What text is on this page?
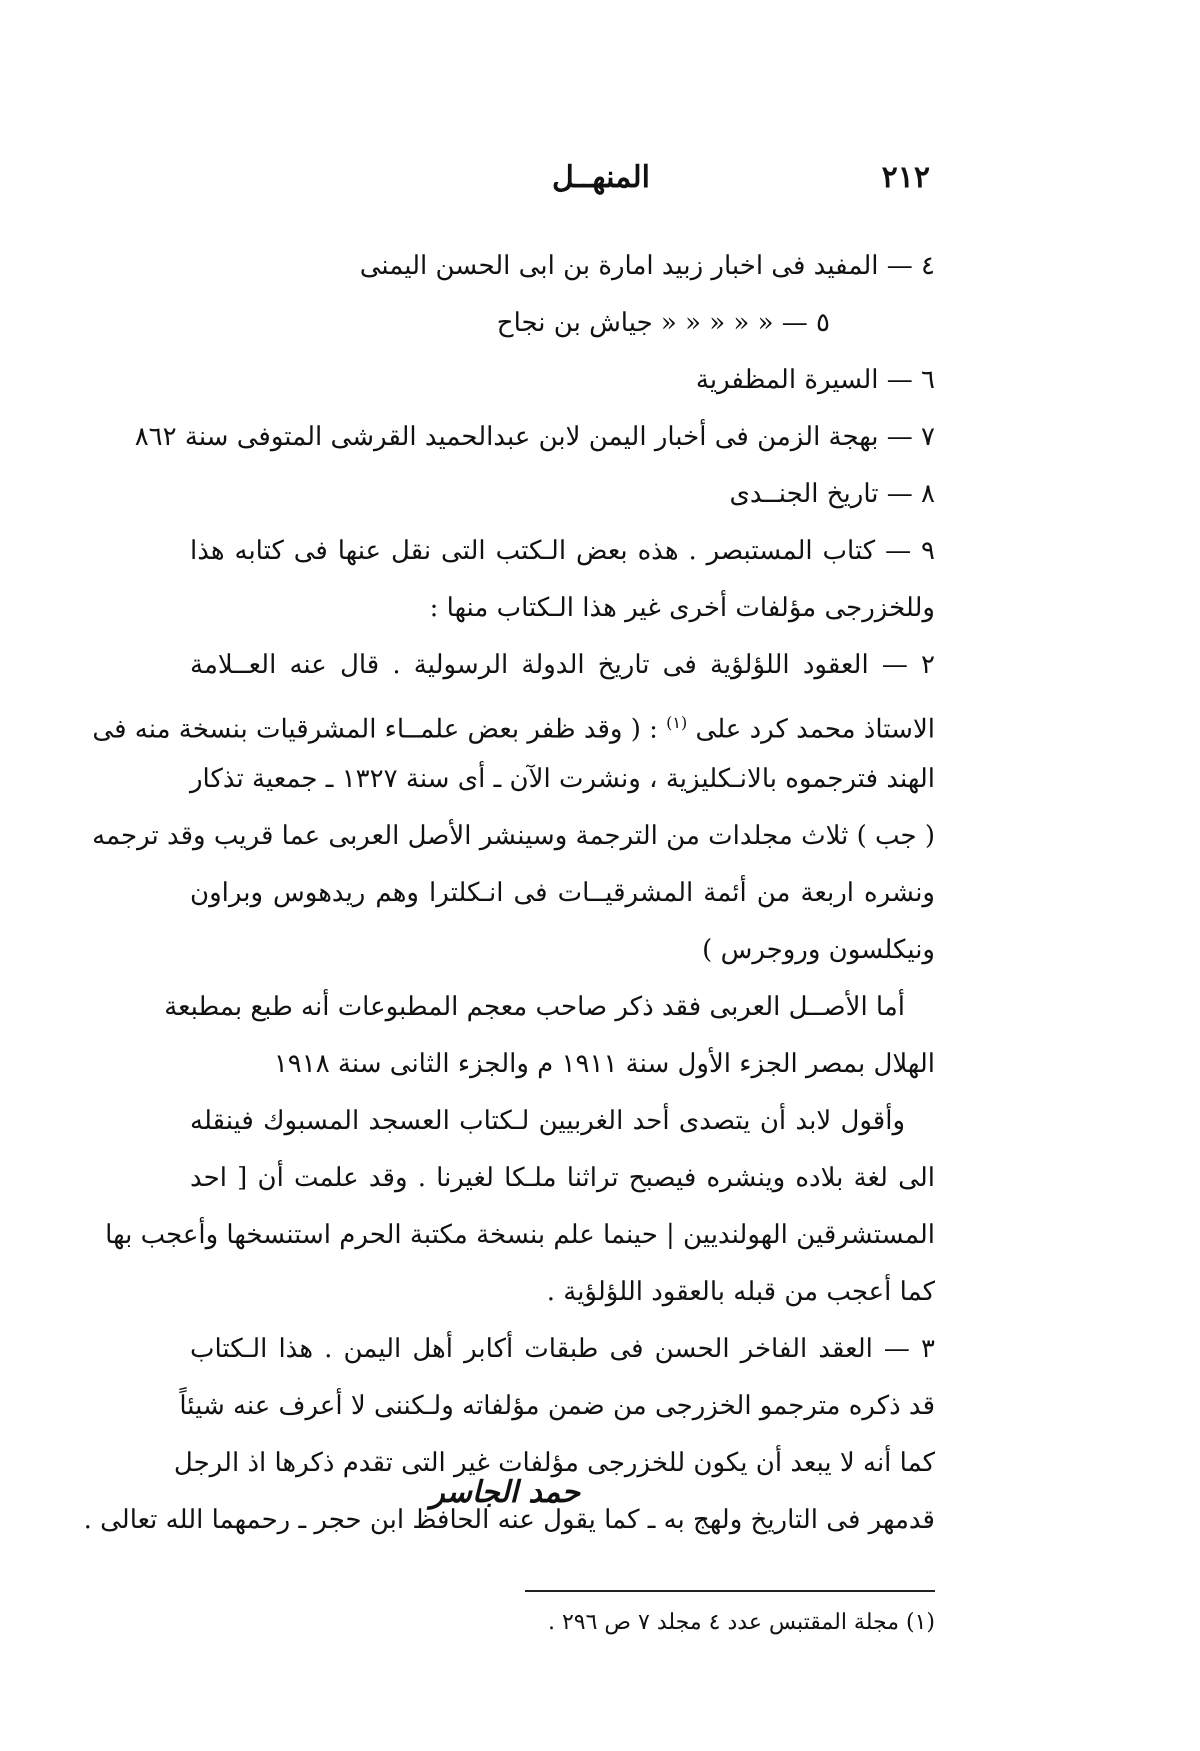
٢١٢
المنهــل
٤ — المفيد فى اخبار زبيد امارة بن ابى الحسن اليمنى
٥ — « « « « « جياش بن نجاح
٦ — السيرة المظفرية
٧ — بهجة الزمن فى أخبار اليمن لابن عبدالحميد القرشى المتوفى سنة ٨٦٢
٨ — تاريخ الجنــدى
٩ — كتاب المستبصر . هذه بعض الـكتب التى نقل عنها فى كتابه هذا
وللخزرجى مؤلفات أخرى غير هذا الـكتاب منها :
٢ — العقود اللؤلؤية فى تاريخ الدولة الرسولية . قال عنه العــلامة
الاستاذ محمد كرد على $^{(١)}$ : ( وقد ظفر بعض علمــاء المشرقيات بنسخة منه فى
الهند فترجموه بالانـكليزية ، ونشرت الآن ـ أى سنة ١٣٢٧ ـ جمعية تذكار
( جب ) ثلاث مجلدات من الترجمة وسينشر الأصل العربى عما قريب وقد ترجمه
ونشره اربعة من أئمة المشرقيــات فى انـكلترا وهم ريدهوس وبراون
ونيكلسون وروجرس )
أما الأصــل العربى فقد ذكر صاحب معجم المطبوعات أنه طبع بمطبعة
الهلال بمصر الجزء الأول سنة ١٩١١ م والجزء الثانى سنة ١٩١٨
وأقول لابد أن يتصدى أحد الغربيين لـكتاب العسجد المسبوك فينقله
الى لغة بلاده وينشره فيصبح تراثنا ملـكا لغيرنا . وقد علمت أن [ احد
المستشرقين الهولنديين | حينما علم بنسخة مكتبة الحرم استنسخها وأعجب بها
كما أعجب من قبله بالعقود اللؤلؤية .
٣ — العقد الفاخر الحسن فى طبقات أكابر أهل اليمن . هذا الـكتاب
قد ذكره مترجمو الخزرجى من ضمن مؤلفاته ولـكننى لا أعرف عنه شيئاً
كما أنه لا يبعد أن يكون للخزرجى مؤلفات غير التى تقدم ذكرها اذ الرجل
قدمهر فى التاريخ ولهج به ـ كما يقول عنه الحافظ ابن حجر ـ رحمهما الله تعالى .
حمد الجاسر
(١) مجلة المقتبس عدد ٤ مجلد ٧ ص ٢٩٦ .
